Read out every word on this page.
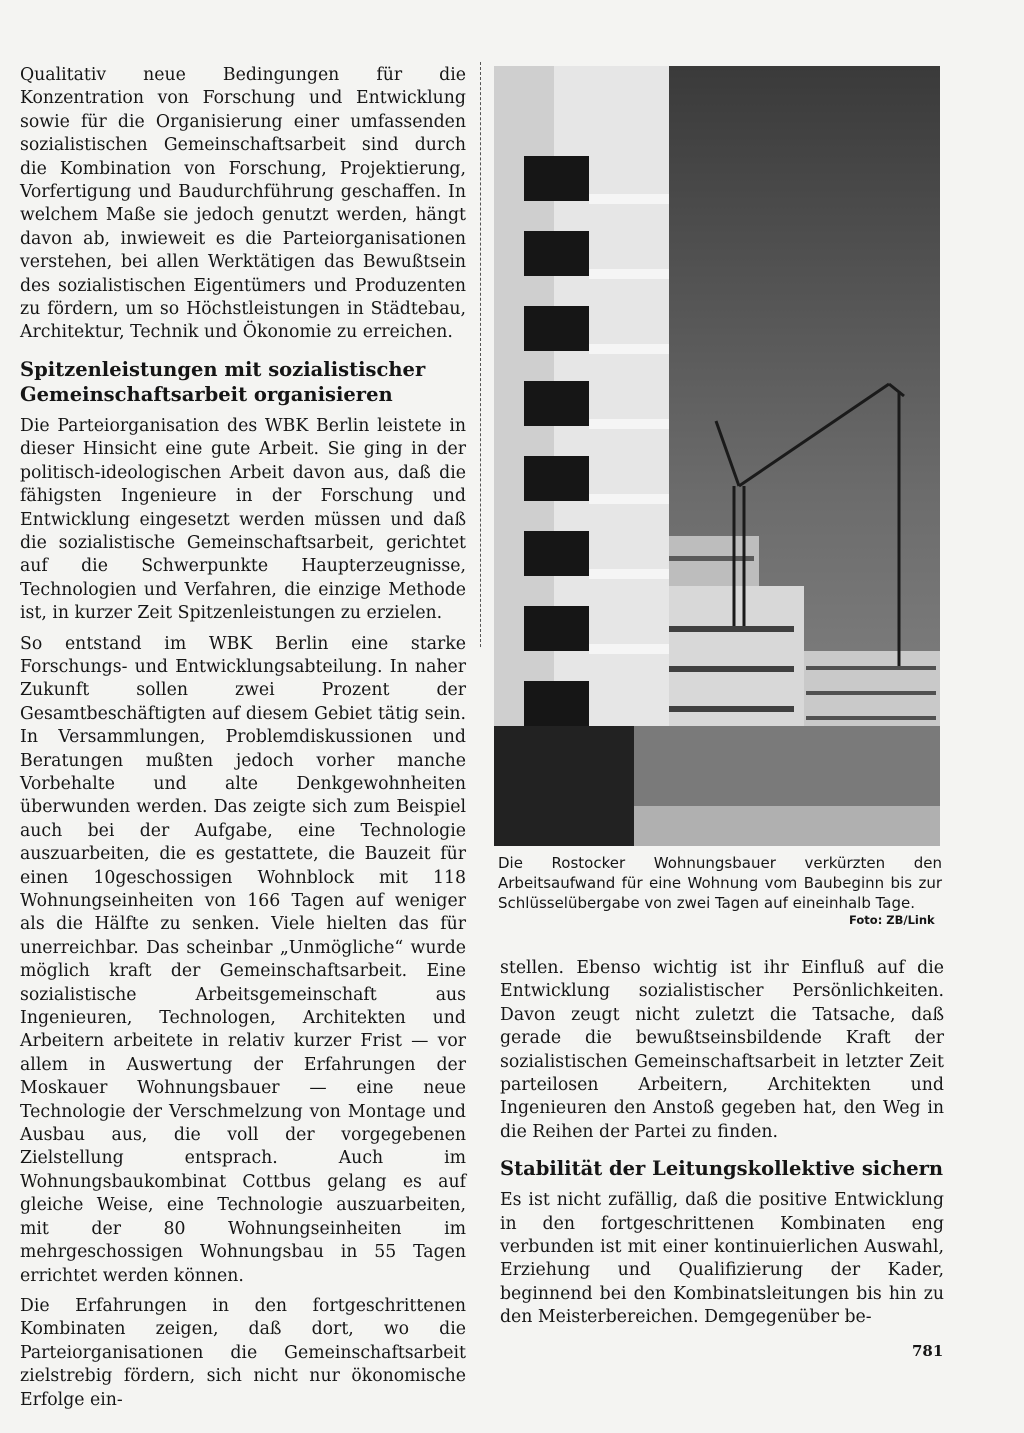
Qualitativ neue Bedingungen für die Konzentration von Forschung und Entwicklung sowie für die Organisierung einer umfassenden sozialistischen Gemeinschaftsarbeit sind durch die Kombination von Forschung, Projektierung, Vorfertigung und Baudurchführung geschaffen. In welchem Maße sie jedoch genutzt werden, hängt davon ab, inwieweit es die Parteiorganisationen verstehen, bei allen Werktätigen das Bewußtsein des sozialistischen Eigentümers und Produzenten zu fördern, um so Höchstleistungen in Städtebau, Architektur, Technik und Ökonomie zu erreichen.

Spitzenleistungen mit sozialistischer Gemeinschaftsarbeit organisieren

Die Parteiorganisation des WBK Berlin leistete in dieser Hinsicht eine gute Arbeit. Sie ging in der politisch-ideologischen Arbeit davon aus, daß die fähigsten Ingenieure in der Forschung und Entwicklung eingesetzt werden müssen und daß die sozialistische Gemeinschaftsarbeit, gerichtet auf die Schwerpunkte Haupterzeugnisse, Technologien und Verfahren, die einzige Methode ist, in kurzer Zeit Spitzenleistungen zu erzielen.

So entstand im WBK Berlin eine starke Forschungs- und Entwicklungsabteilung. In naher Zukunft sollen zwei Prozent der Gesamtbeschäftigten auf diesem Gebiet tätig sein. In Versammlungen, Problemdiskussionen und Beratungen mußten jedoch vorher manche Vorbehalte und alte Denkgewohnheiten überwunden werden. Das zeigte sich zum Beispiel auch bei der Aufgabe, eine Technologie auszuarbeiten, die es gestattete, die Bauzeit für einen 10geschossigen Wohnblock mit 118 Wohnungseinheiten von 166 Tagen auf weniger als die Hälfte zu senken. Viele hielten das für unerreichbar. Das scheinbar „Unmögliche“ wurde möglich kraft der Gemeinschaftsarbeit. Eine sozialistische Arbeitsgemeinschaft aus Ingenieuren, Technologen, Architekten und Arbeitern arbeitete in relativ kurzer Frist — vor allem in Auswertung der Erfahrungen der Moskauer Wohnungsbauer — eine neue Technologie der Verschmelzung von Montage und Ausbau aus, die voll der vorgegebenen Zielstellung entsprach. Auch im Wohnungsbaukombinat Cottbus gelang es auf gleiche Weise, eine Technologie auszuarbeiten, mit der 80 Wohnungseinheiten im mehrgeschossigen Wohnungsbau in 55 Tagen errichtet werden können.

Die Erfahrungen in den fortgeschrittenen Kombinaten zeigen, daß dort, wo die Parteiorganisationen die Gemeinschaftsarbeit zielstrebig fördern, sich nicht nur ökonomische Erfolge ein-

Die Rostocker Wohnungsbauer verkürzten den Arbeitsaufwand für eine Wohnung vom Baubeginn bis zur Schlüsselübergabe von zwei Tagen auf eineinhalb Tage.
Foto: ZB/Link

stellen. Ebenso wichtig ist ihr Einfluß auf die Entwicklung sozialistischer Persönlichkeiten. Davon zeugt nicht zuletzt die Tatsache, daß gerade die bewußtseinsbildende Kraft der sozialistischen Gemeinschaftsarbeit in letzter Zeit parteilosen Arbeitern, Architekten und Ingenieuren den Anstoß gegeben hat, den Weg in die Reihen der Partei zu finden.

Stabilität der Leitungskollektive sichern

Es ist nicht zufällig, daß die positive Entwicklung in den fortgeschrittenen Kombinaten eng verbunden ist mit einer kontinuierlichen Auswahl, Erziehung und Qualifizierung der Kader, beginnend bei den Kombinatsleitungen bis hin zu den Meisterbereichen. Demgegenüber be-

781
